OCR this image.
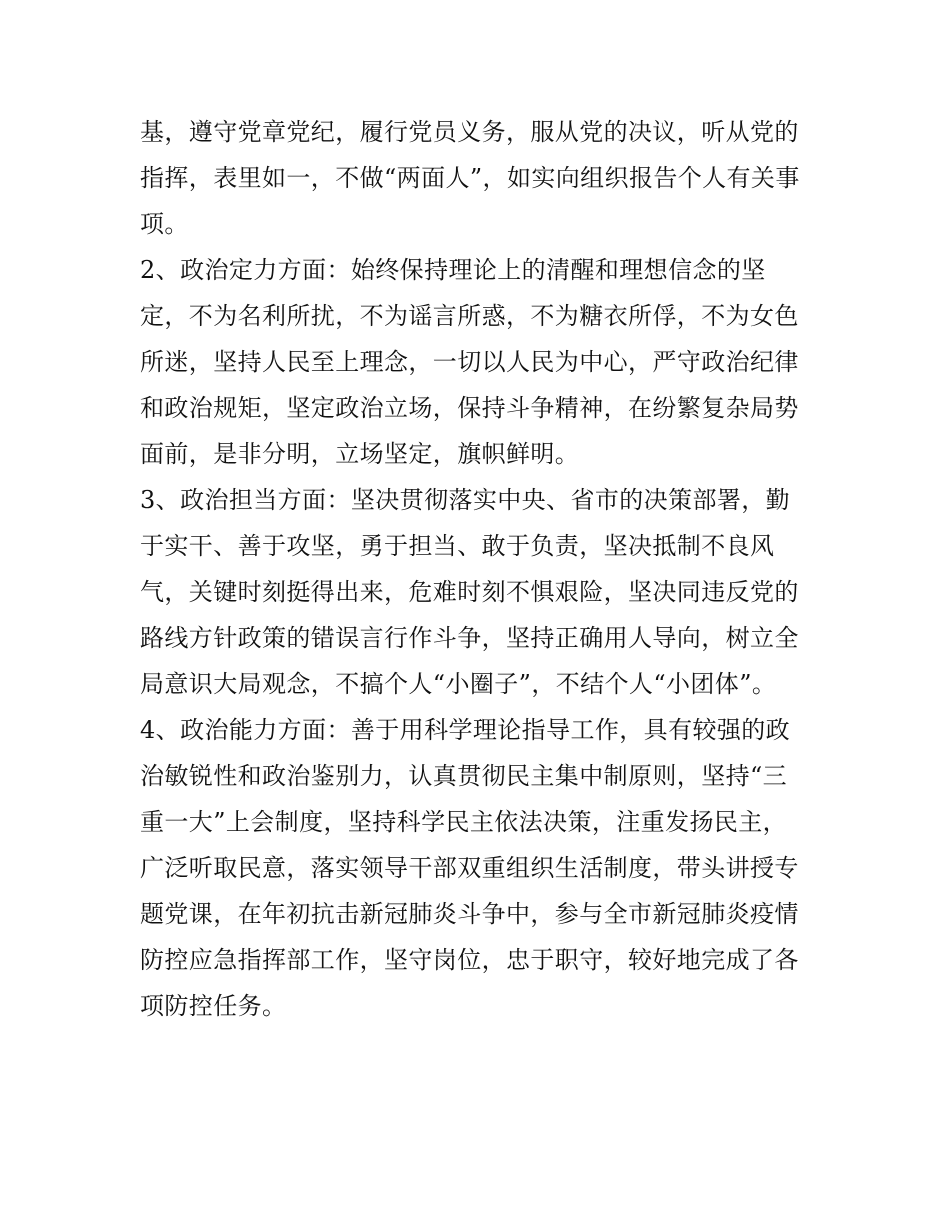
基，遵守党章党纪，履行党员义务，服从党的决议，听从党的
指挥，表里如一，不做“两面人”，如实向组织报告个人有关事
项。
2、政治定力方面：始终保持理论上的清醒和理想信念的坚
定，不为名利所扰，不为谣言所惑，不为糖衣所俘，不为女色
所迷，坚持人民至上理念，一切以人民为中心，严守政治纪律
和政治规矩，坚定政治立场，保持斗争精神，在纷繁复杂局势
面前，是非分明，立场坚定，旗帜鲜明。
3、政治担当方面：坚决贯彻落实中央、省市的决策部署，勤
于实干、善于攻坚，勇于担当、敢于负责，坚决抵制不良风
气，关键时刻挺得出来，危难时刻不惧艰险，坚决同违反党的
路线方针政策的错误言行作斗争，坚持正确用人导向，树立全
局意识大局观念，不搞个人“小圈子”，不结个人“小团体”。
4、政治能力方面：善于用科学理论指导工作，具有较强的政
治敏锐性和政治鉴别力，认真贯彻民主集中制原则，坚持“三
重一大”上会制度，坚持科学民主依法决策，注重发扬民主，
广泛听取民意，落实领导干部双重组织生活制度，带头讲授专
题党课，在年初抗击新冠肺炎斗争中，参与全市新冠肺炎疫情
防控应急指挥部工作，坚守岗位，忠于职守，较好地完成了各
项防控任务。
